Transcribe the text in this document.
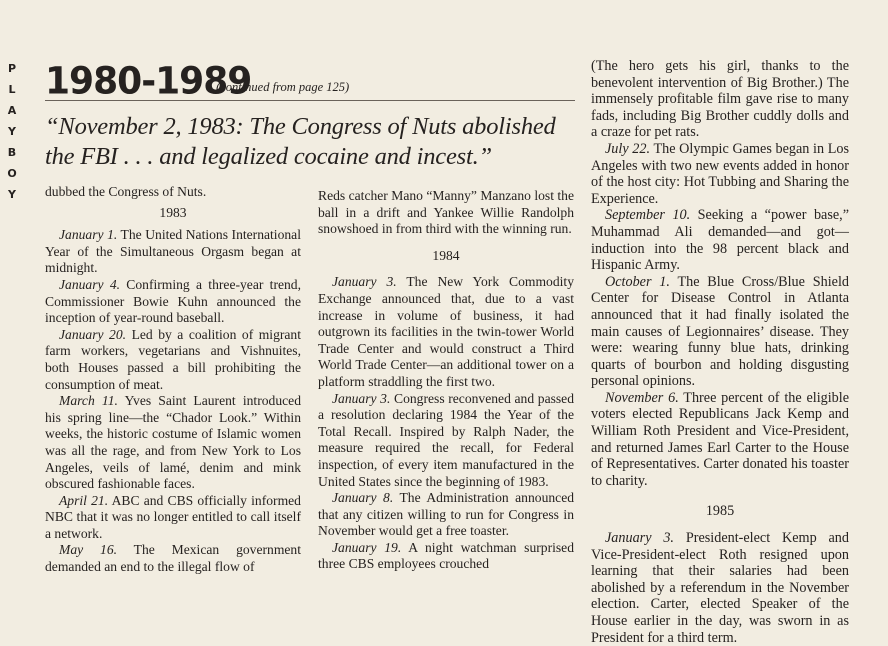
P
L
A
Y
B
O
Y
1980-1989
(continued from page 125)
“November 2, 1983: The Congress of Nuts abolished the FBI . . . and legalized cocaine and incest.”

dubbed the Congress of Nuts.

1983

January 1. The United Nations International Year of the Simultaneous Orgasm began at midnight.

January 4. Confirming a three-year trend, Commissioner Bowie Kuhn announced the inception of year-round baseball.

January 20. Led by a coalition of migrant farm workers, vegetarians and Vishnuites, both Houses passed a bill prohibiting the consumption of meat.

March 11. Yves Saint Laurent introduced his spring line—the “Chador Look.” Within weeks, the historic costume of Islamic women was all the rage, and from New York to Los Angeles, veils of lamé, denim and mink obscured fashionable faces.

April 21. ABC and CBS officially informed NBC that it was no longer entitled to call itself a network.

May 16. The Mexican government demanded an end to the illegal flow of

Reds catcher Mano “Manny” Manzano lost the ball in a drift and Yankee Willie Randolph snowshoed in from third with the winning run.

1984

January 3. The New York Commodity Exchange announced that, due to a vast increase in volume of business, it had outgrown its facilities in the twin-tower World Trade Center and would construct a Third World Trade Center—an additional tower on a platform straddling the first two.

January 3. Congress reconvened and passed a resolution declaring 1984 the Year of the Total Recall. Inspired by Ralph Nader, the measure required the recall, for Federal inspection, of every item manufactured in the United States since the beginning of 1983.

January 8. The Administration announced that any citizen willing to run for Congress in November would get a free toaster.

January 19. A night watchman surprised three CBS employees crouched

(The hero gets his girl, thanks to the benevolent intervention of Big Brother.) The immensely profitable film gave rise to many fads, including Big Brother cuddly dolls and a craze for pet rats.

July 22. The Olympic Games began in Los Angeles with two new events added in honor of the host city: Hot Tubbing and Sharing the Experience.

September 10. Seeking a “power base,” Muhammad Ali demanded—and got—induction into the 98 percent black and Hispanic Army.

October 1. The Blue Cross/Blue Shield Center for Disease Control in Atlanta announced that it had finally isolated the main causes of Legionnaires’ disease. They were: wearing funny blue hats, drinking quarts of bourbon and holding disgusting personal opinions.

November 6. Three percent of the eligible voters elected Republicans Jack Kemp and William Roth President and Vice-President, and returned James Earl Carter to the House of Representatives. Carter donated his toaster to charity.

1985

January 3. President-elect Kemp and Vice-President-elect Roth resigned upon learning that their salaries had been abolished by a referendum in the November election. Carter, elected Speaker of the House earlier in the day, was sworn in as President for a third term.
